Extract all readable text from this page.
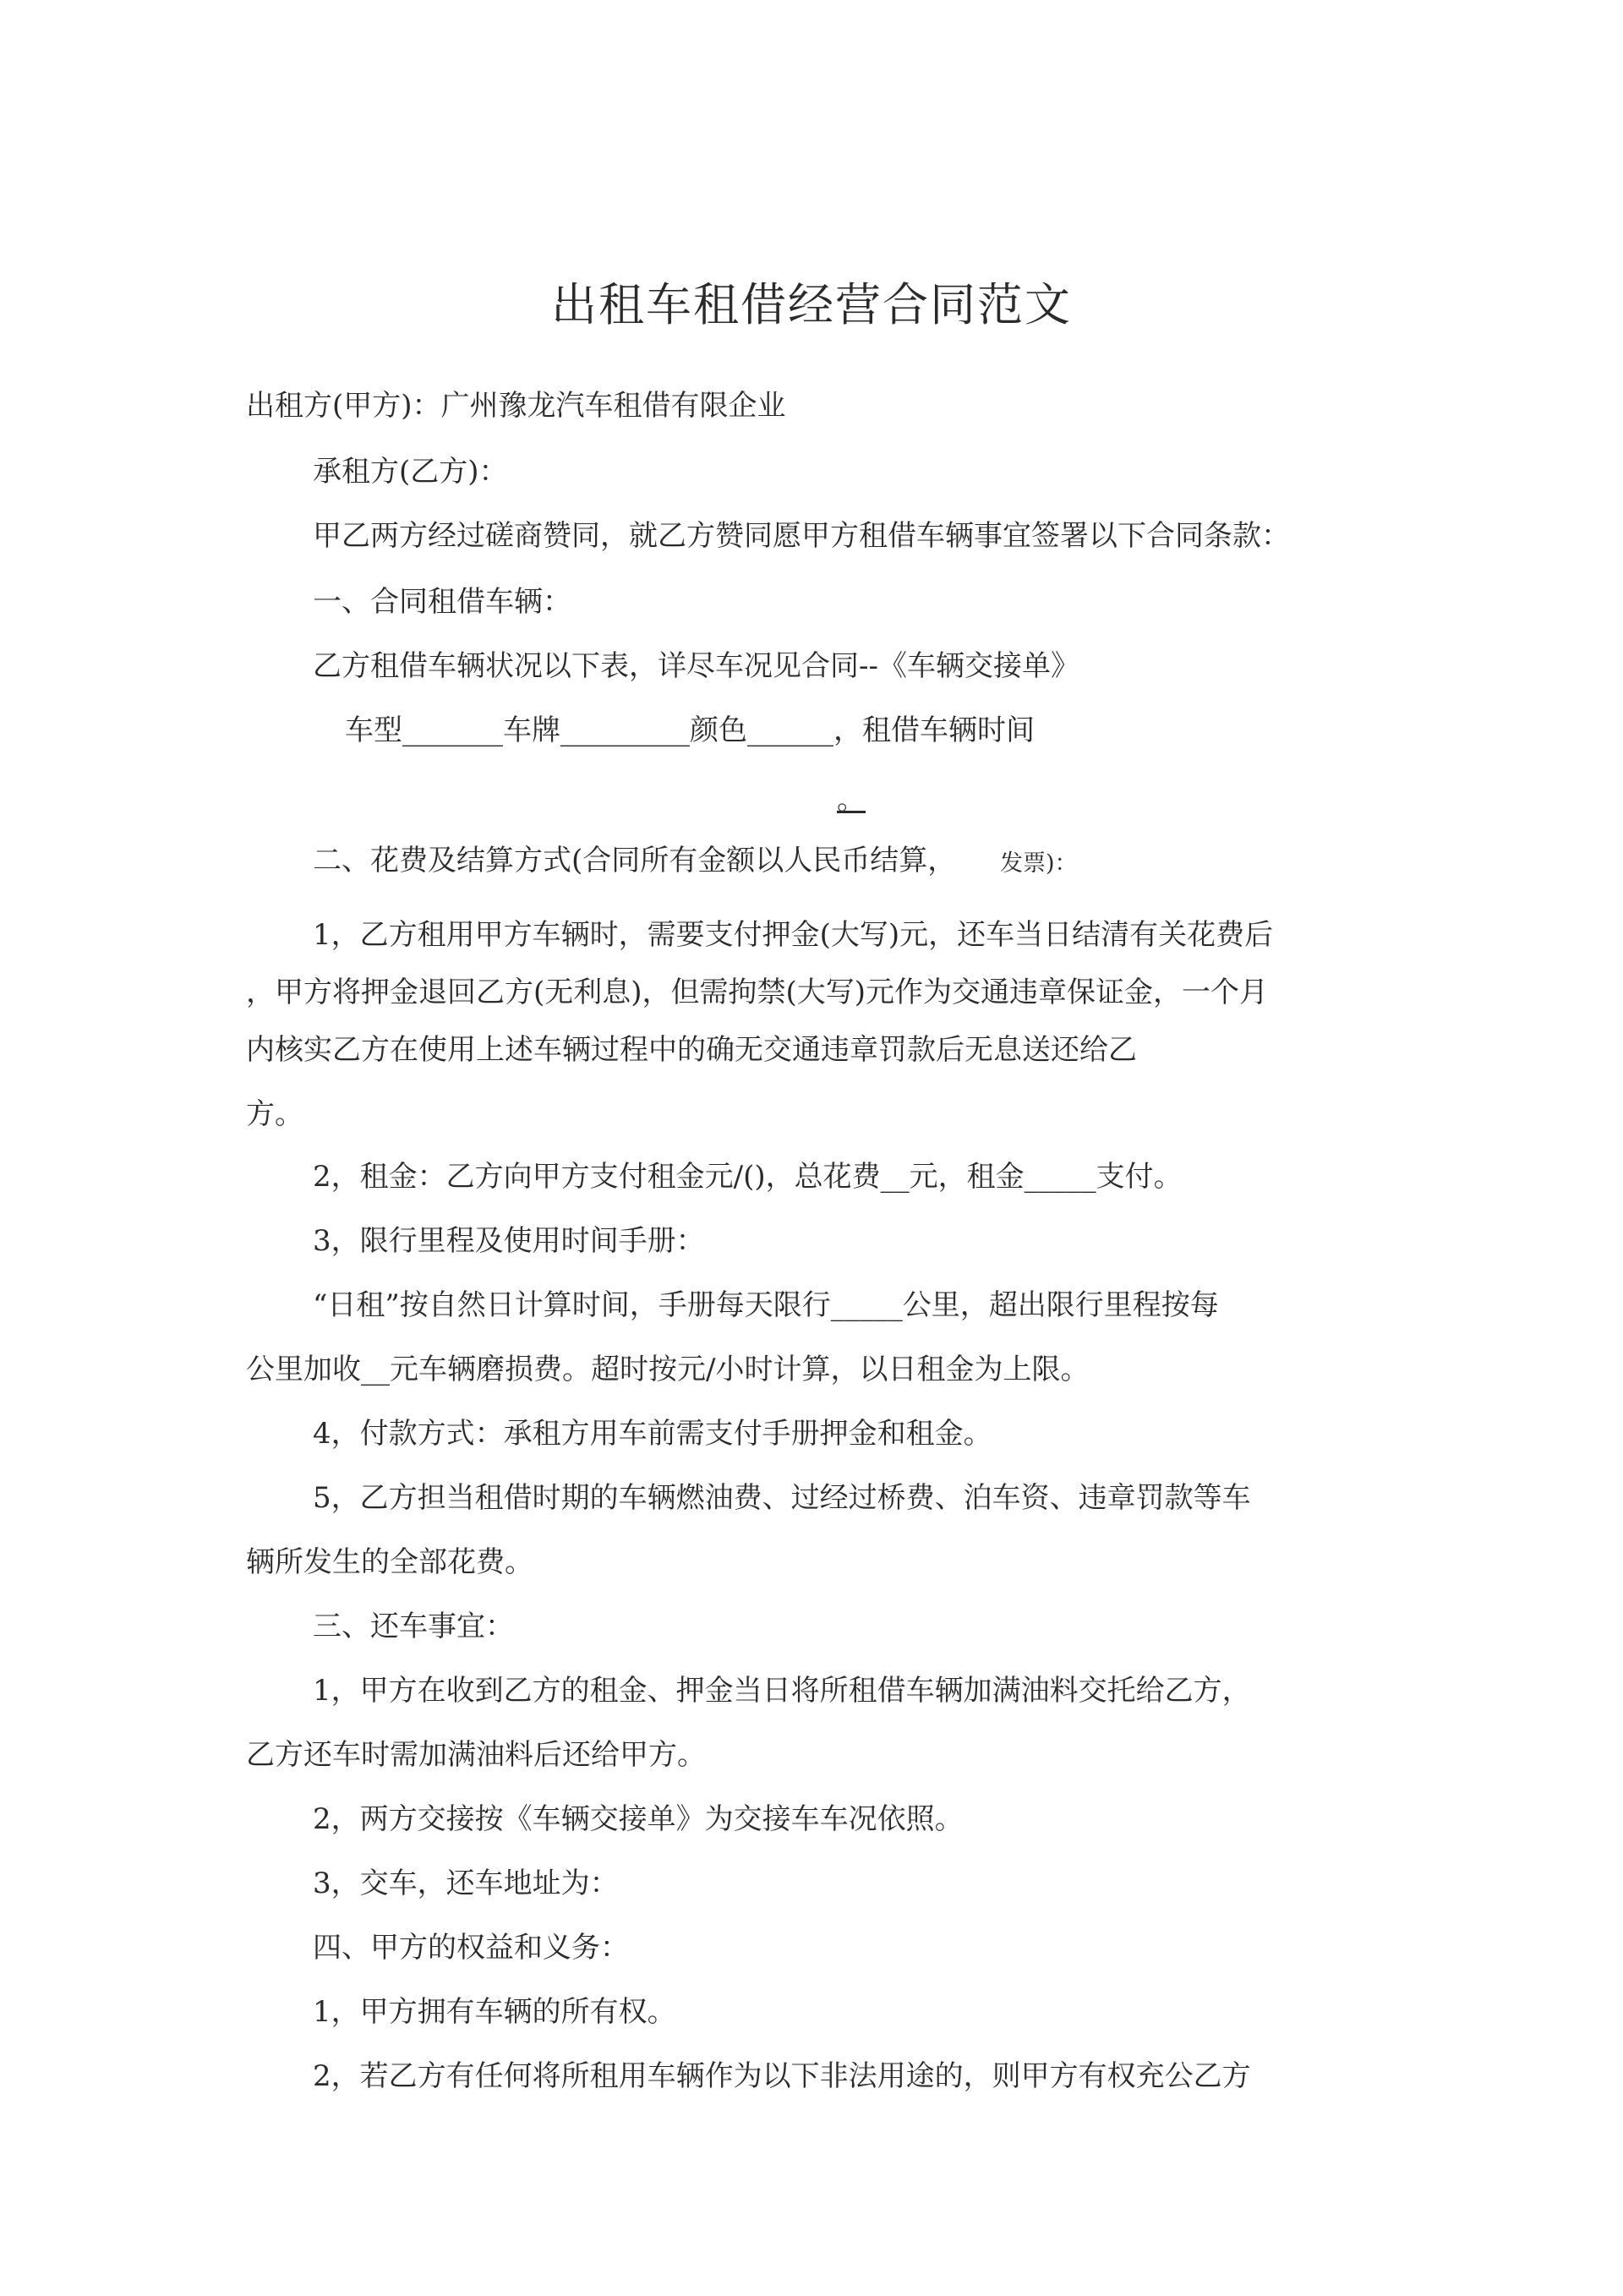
出租车租借经营合同范文
出租方(甲方)：广州豫龙汽车租借有限企业
承租方(乙方)：
甲乙两方经过磋商赞同，就乙方赞同愿甲方租借车辆事宜签署以下合同条款：
一、合同租借车辆：
乙方租借车辆状况以下表，详尽车况见合同--《车辆交接单》
车型_______车牌_________颜色______，租借车辆时间
。
二、花费及结算方式(合同所有金额以人民币结算， 发票)：
1，乙方租用甲方车辆时，需要支付押金(大写)元，还车当日结清有关花费后
，甲方将押金退回乙方(无利息)，但需拘禁(大写)元作为交通违章保证金，一个月
内核实乙方在使用上述车辆过程中的确无交通违章罚款后无息送还给乙
方。
2，租金：乙方向甲方支付租金元/()，总花费__元，租金_____支付。
3，限行里程及使用时间手册：
“日租”按自然日计算时间，手册每天限行_____公里，超出限行里程按每
公里加收__元车辆磨损费。超时按元/小时计算，以日租金为上限。
4，付款方式：承租方用车前需支付手册押金和租金。
5，乙方担当租借时期的车辆燃油费、过经过桥费、泊车资、违章罚款等车
辆所发生的全部花费。
三、还车事宜：
1，甲方在收到乙方的租金、押金当日将所租借车辆加满油料交托给乙方，
乙方还车时需加满油料后还给甲方。
2，两方交接按《车辆交接单》为交接车车况依照。
3，交车，还车地址为：
四、甲方的权益和义务：
1，甲方拥有车辆的所有权。
2，若乙方有任何将所租用车辆作为以下非法用途的，则甲方有权充公乙方
